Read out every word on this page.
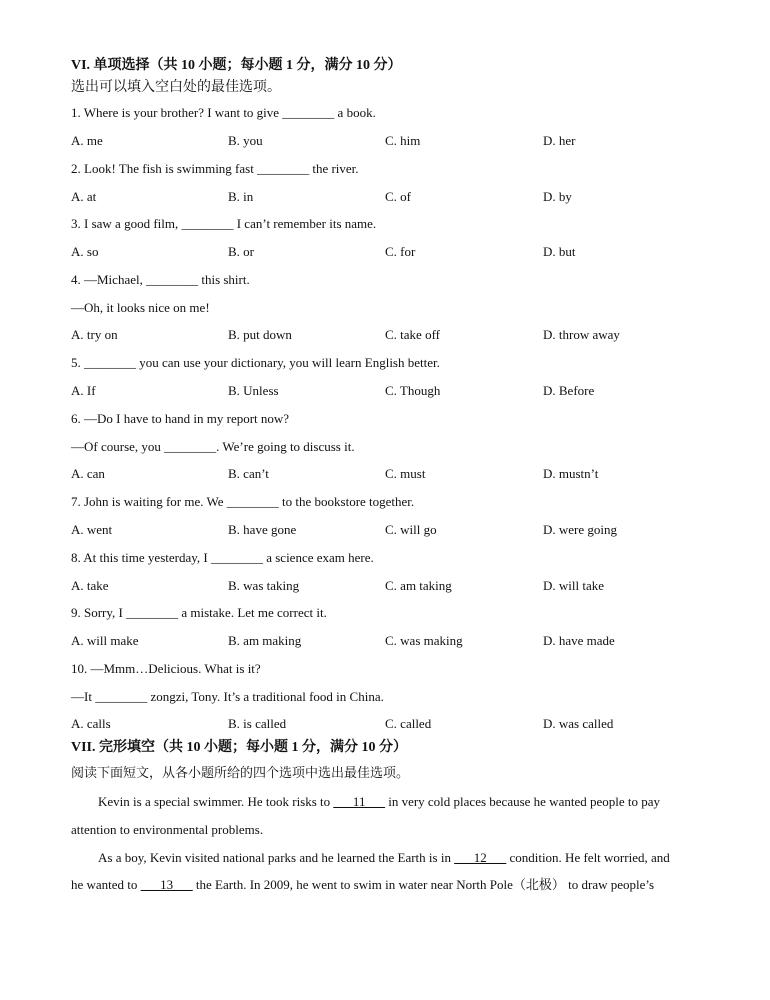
VI. 单项选择（共 10 小题；每小题 1 分，满分 10 分）
选出可以填入空白处的最佳选项。
1. Where is your brother? I want to give ________ a book.
A. me	B. you	C. him	D. her
2. Look! The fish is swimming fast ________ the river.
A. at	B. in	C. of	D. by
3. I saw a good film, ________ I can’t remember its name.
A. so	B. or	C. for	D. but
4. —Michael, ________ this shirt.
—Oh, it looks nice on me!
A. try on	B. put down	C. take off	D. throw away
5. ________ you can use your dictionary, you will learn English better.
A. If	B. Unless	C. Though	D. Before
6. —Do I have to hand in my report now?
—Of course, you ________. We’re going to discuss it.
A. can	B. can’t	C. must	D. mustn’t
7. John is waiting for me. We ________ to the bookstore together.
A. went	B. have gone	C. will go	D. were going
8. At this time yesterday, I ________ a science exam here.
A. take	B. was taking	C. am taking	D. will take
9. Sorry, I ________ a mistake. Let me correct it.
A. will make	B. am making	C. was making	D. have made
10. —Mmm…Delicious. What is it?
—It ________ zongzi, Tony. It’s a traditional food in China.
A. calls	B. is called	C. called	D. was called
VII. 完形填空（共 10 小题；每小题 1 分，满分 10 分）
阅读下面短文，从各小题所给的四个选项中选出最佳选项。
Kevin is a special swimmer. He took risks to ___11___ in very cold places because he wanted people to pay
attention to environmental problems.
As a boy, Kevin visited national parks and he learned the Earth is in ___12___ condition. He felt worried, and
he wanted to ___13___ the Earth. In 2009, he went to swim in water near North Pole（北极） to draw people’s
